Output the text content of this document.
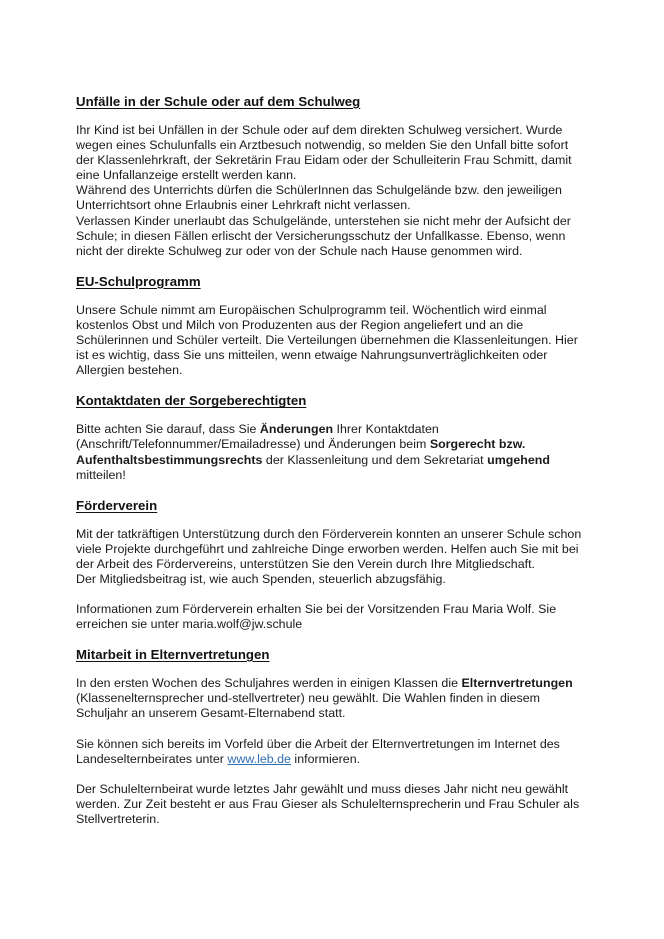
Unfälle in der Schule oder auf dem Schulweg

Ihr Kind ist bei Unfällen in der Schule oder auf dem direkten Schulweg versichert. Wurde wegen eines Schulunfalls ein Arztbesuch notwendig, so melden Sie den Unfall bitte sofort der Klassenlehrkraft, der Sekretärin Frau Eidam oder der Schulleiterin Frau Schmitt, damit eine Unfallanzeige erstellt werden kann.

Während des Unterrichts dürfen die SchülerInnen das Schulgelände bzw. den jeweiligen Unterrichtsort ohne Erlaubnis einer Lehrkraft nicht verlassen.

Verlassen Kinder unerlaubt das Schulgelände, unterstehen sie nicht mehr der Aufsicht der Schule; in diesen Fällen erlischt der Versicherungsschutz der Unfallkasse. Ebenso, wenn nicht der direkte Schulweg zur oder von der Schule nach Hause genommen wird.

EU-Schulprogramm

Unsere Schule nimmt am Europäischen Schulprogramm teil. Wöchentlich wird einmal kostenlos Obst und Milch von Produzenten aus der Region angeliefert und an die Schülerinnen und Schüler verteilt. Die Verteilungen übernehmen die Klassenleitungen. Hier ist es wichtig, dass Sie uns mitteilen, wenn etwaige Nahrungsunverträglichkeiten oder Allergien bestehen.

Kontaktdaten der Sorgeberechtigten

Bitte achten Sie darauf, dass Sie Änderungen Ihrer Kontaktdaten (Anschrift/Telefonnummer/Emailadresse) und Änderungen beim Sorgerecht bzw. Aufenthaltsbestimmungsrechts der Klassenleitung und dem Sekretariat umgehend mitteilen!

Förderverein

Mit der tatkräftigen Unterstützung durch den Förderverein konnten an unserer Schule schon viele Projekte durchgeführt und zahlreiche Dinge erworben werden. Helfen auch Sie mit bei der Arbeit des Fördervereins, unterstützen Sie den Verein durch Ihre Mitgliedschaft.

Der Mitgliedsbeitrag ist, wie auch Spenden, steuerlich abzugsfähig.

Informationen zum Förderverein erhalten Sie bei der Vorsitzenden Frau Maria Wolf. Sie erreichen sie unter maria.wolf@jw.schule

Mitarbeit in Elternvertretungen

In den ersten Wochen des Schuljahres werden in einigen Klassen die Elternvertretungen (Klassenelternsprecher und-stellvertreter) neu gewählt. Die Wahlen finden in diesem Schuljahr an unserem Gesamt-Elternabend statt.

Sie können sich bereits im Vorfeld über die Arbeit der Elternvertretungen im Internet des Landeselternbeirates unter www.leb.de informieren.

Der Schulelternbeirat wurde letztes Jahr gewählt und muss dieses Jahr nicht neu gewählt werden. Zur Zeit besteht er aus Frau Gieser als Schulelternsprecherin und Frau Schuler als Stellvertreterin.
